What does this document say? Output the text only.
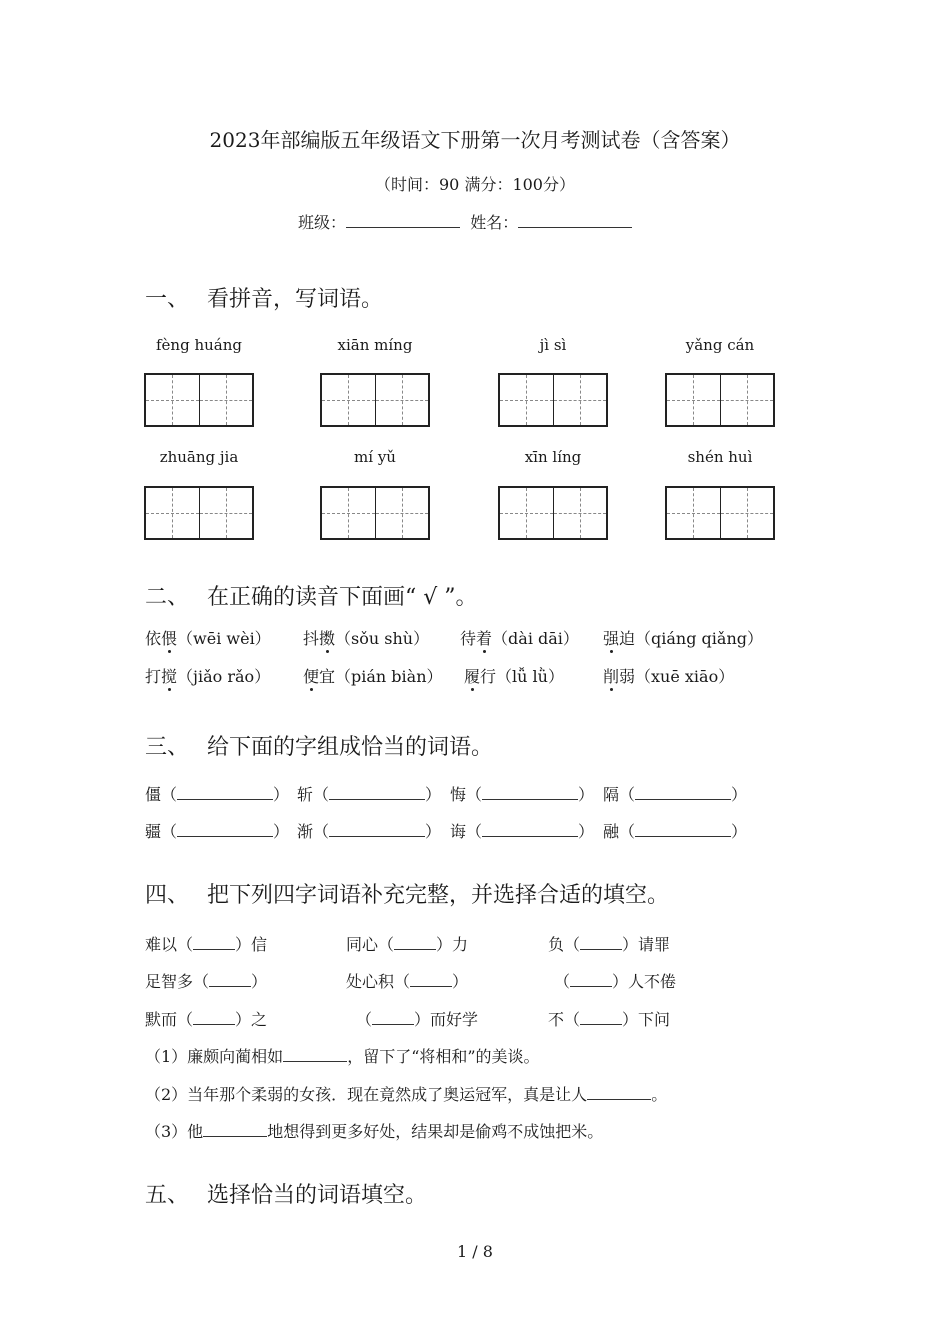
2023年部编版五年级语文下册第一次月考测试卷（含答案）
（时间：90 满分：100分）
班级：	姓名：
一、 看拼音，写词语。
fèng huáng	xiān míng	jì sì	yǎng cán
zhuāng jia	mí yǔ	xīn líng	shén huì
二、 在正确的读音下面画“ √ ”。
依偎（wēi wèi） 抖擞（sǒu shù） 待着（dài dāi） 强迫（qiáng qiǎng）
打搅（jiǎo rǎo） 便宜（pián biàn） 履行（lǚ lǜ） 削弱（xuē xiāo）
三、 给下面的字组成恰当的词语。
僵（	） 斩（	） 悔（	） 隔（	）
疆（	） 渐（	） 诲（	） 融（	）
四、 把下列四字词语补充完整，并选择合适的填空。
难以（	）信	同心（	）力	负（	）请罪
足智多（	）	处心积（	）	（	）人不倦
默而（	）之	（	）而好学	不（	）下问
（1）廉颇向蔺相如	，留下了“将相和”的美谈。
（2）当年那个柔弱的女孩．现在竟然成了奥运冠军，真是让人	。
（3）他	地想得到更多好处，结果却是偷鸡不成蚀把米。
五、 选择恰当的词语填空。
1 / 8
